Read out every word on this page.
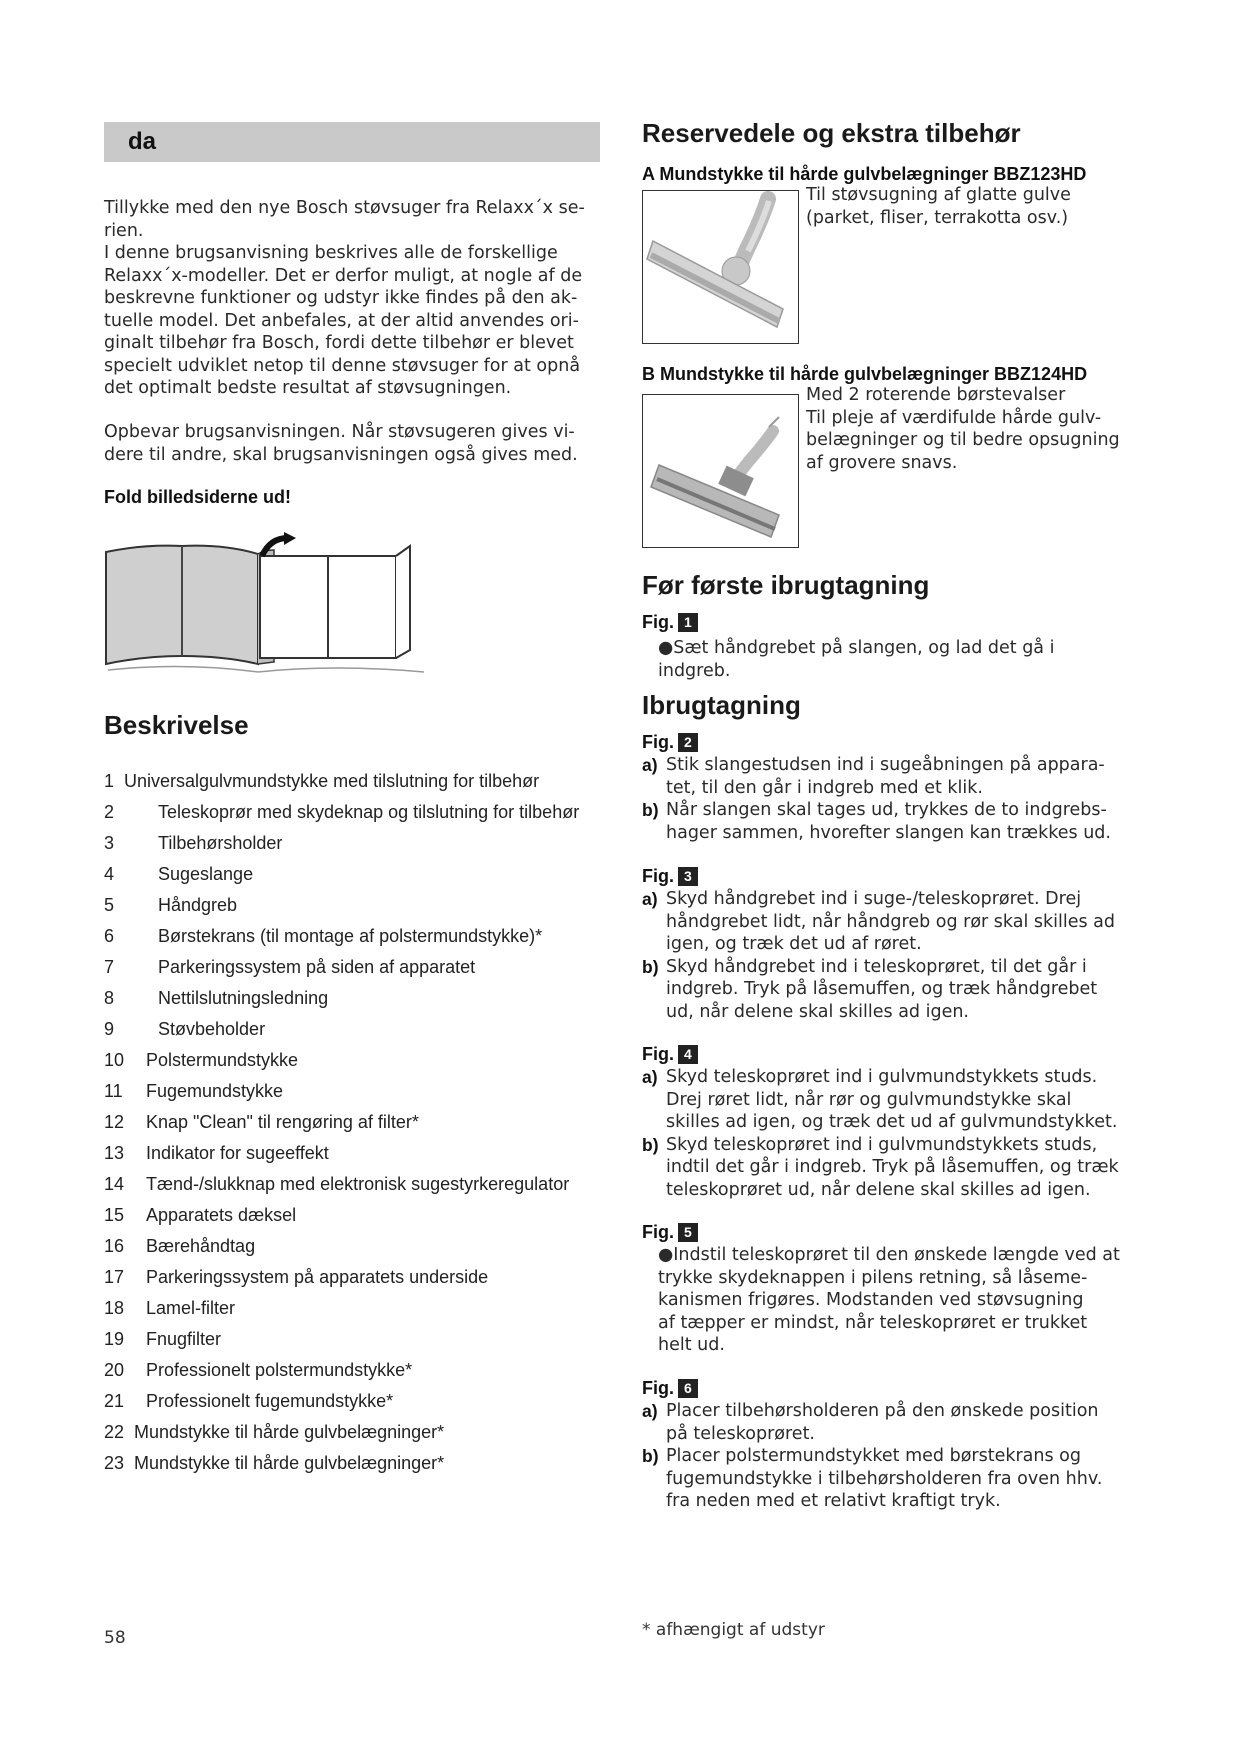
da
Tillykke med den nye Bosch støvsuger fra Relaxx´x se-
rien.
I denne brugsanvisning beskrives alle de forskellige
Relaxx´x-modeller. Det er derfor muligt, at nogle af de
beskrevne funktioner og udstyr ikke findes på den ak-
tuelle model. Det anbefales, at der altid anvendes ori-
ginalt tilbehør fra Bosch, fordi dette tilbehør er blevet
specielt udviklet netop til denne støvsuger for at opnå
det optimalt bedste resultat af støvsugningen.
Opbevar brugsanvisningen. Når støvsugeren gives vi-
dere til andre, skal brugsanvisningen også gives med.
Fold billedsiderne ud!
Beskrivelse
1 Universalgulvmundstykke med tilslutning for tilbehør
2 Teleskoprør med skydeknap og tilslutning for tilbehør
3 Tilbehørsholder
4 Sugeslange
5 Håndgreb
6 Børstekrans (til montage af polstermundstykke)*
7 Parkeringssystem på siden af apparatet
8 Nettilslutningsledning
9 Støvbeholder
10 Polstermundstykke
11 Fugemundstykke
12 Knap "Clean" til rengøring af filter*
13 Indikator for sugeeffekt
14 Tænd-/slukknap med elektronisk sugestyrkeregulator
15 Apparatets dæksel
16 Bærehåndtag
17 Parkeringssystem på apparatets underside
18 Lamel-filter
19 Fnugfilter
20 Professionelt polstermundstykke*
21 Professionelt fugemundstykke*
22 Mundstykke til hårde gulvbelægninger*
23 Mundstykke til hårde gulvbelægninger*
58
Reservedele og ekstra tilbehør
A Mundstykke til hårde gulvbelægninger BBZ123HD
Til støvsugning af glatte gulve
(parket, fliser, terrakotta osv.)
B Mundstykke til hårde gulvbelægninger BBZ124HD
Med 2 roterende børstevalser
Til pleje af værdifulde hårde gulv-
belægninger og til bedre opsugning
af grovere snavs.
Før første ibrugtagning
Fig. 1
●Sæt håndgrebet på slangen, og lad det gå i indgreb.
Ibrugtagning
Fig. 2
a) Stik slangestudsen ind i sugeåbningen på appara-
tet, til den går i indgreb med et klik.
b) Når slangen skal tages ud, trykkes de to indgrebs-
hager sammen, hvorefter slangen kan trækkes ud.
Fig. 3
a) Skyd håndgrebet ind i suge-/teleskoprøret. Drej
håndgrebet lidt, når håndgreb og rør skal skilles ad
igen, og træk det ud af røret.
b) Skyd håndgrebet ind i teleskoprøret, til det går i
indgreb. Tryk på låsemuffen, og træk håndgrebet
ud, når delene skal skilles ad igen.
Fig. 4
a) Skyd teleskoprøret ind i gulvmundstykkets studs.
Drej røret lidt, når rør og gulvmundstykke skal
skilles ad igen, og træk det ud af gulvmundstykket.
b) Skyd teleskoprøret ind i gulvmundstykkets studs,
indtil det går i indgreb. Tryk på låsemuffen, og træk
teleskoprøret ud, når delene skal skilles ad igen.
Fig. 5
●Indstil teleskoprøret til den ønskede længde ved at
trykke skydeknappen i pilens retning, så låseme-
kanismen frigøres. Modstanden ved støvsugning
af tæpper er mindst, når teleskoprøret er trukket
helt ud.
Fig. 6
a) Placer tilbehørsholderen på den ønskede position
på teleskoprøret.
b) Placer polstermundstykket med børstekrans og
fugemundstykke i tilbehørsholderen fra oven hhv.
fra neden med et relativt kraftigt tryk.
* afhængigt af udstyr
